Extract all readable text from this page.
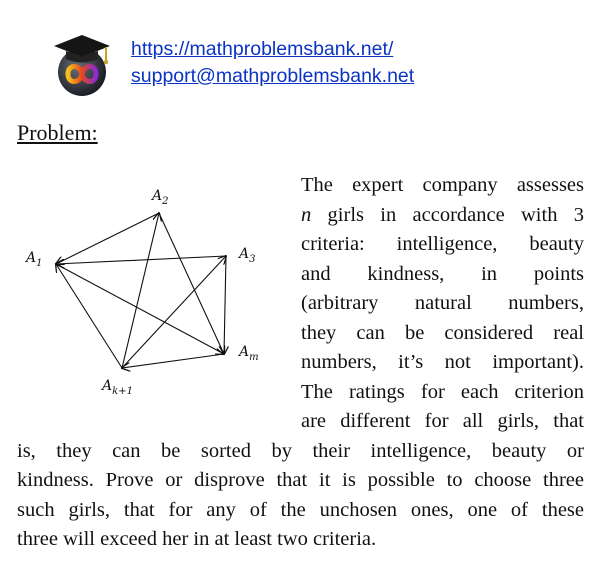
https://mathproblemsbank.net/
support@mathproblemsbank.net
Problem:
$A_2$
$A_1$
$A_3$
$A_m$
$A_{k+1}$
The expert company assesses
n girls in accordance with 3
criteria: intelligence, beauty
and kindness, in points
(arbitrary natural numbers,
they can be considered real
numbers, it’s not important).
The ratings for each criterion
are different for all girls, that
is, they can be sorted by their intelligence, beauty or
kindness. Prove or disprove that it is possible to choose three
such girls, that for any of the unchosen ones, one of these
three will exceed her in at least two criteria.
